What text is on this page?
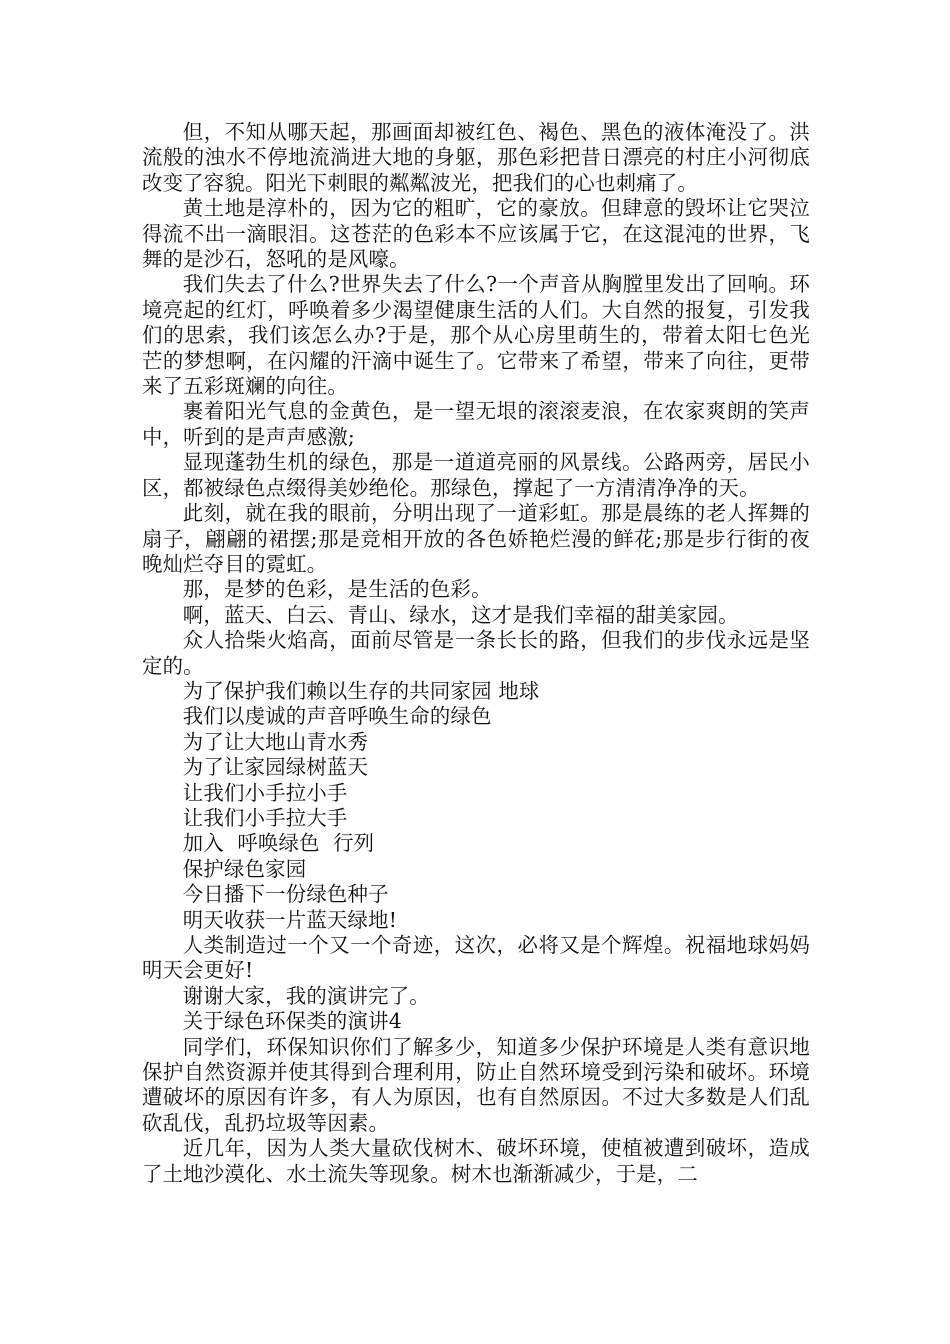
但，不知从哪天起，那画面却被红色、褐色、黑色的液体淹没了。洪流般的浊水不停地流淌进大地的身躯，那色彩把昔日漂亮的村庄小河彻底改变了容貌。阳光下刺眼的粼粼波光，把我们的心也刺痛了。

黄土地是淳朴的，因为它的粗旷，它的豪放。但肆意的毁坏让它哭泣得流不出一滴眼泪。这苍茫的色彩本不应该属于它，在这混沌的世界，飞舞的是沙石，怒吼的是风嚎。

我们失去了什么?世界失去了什么?一个声音从胸膛里发出了回响。环境亮起的红灯，呼唤着多少渴望健康生活的人们。大自然的报复，引发我们的思索，我们该怎么办?于是，那个从心房里萌生的，带着太阳七色光芒的梦想啊，在闪耀的汗滴中诞生了。它带来了希望，带来了向往，更带来了五彩斑斓的向往。

裹着阳光气息的金黄色，是一望无垠的滚滚麦浪，在农家爽朗的笑声中，听到的是声声感激;

显现蓬勃生机的绿色，那是一道道亮丽的风景线。公路两旁，居民小区，都被绿色点缀得美妙绝伦。那绿色，撑起了一方清清净净的天。

此刻，就在我的眼前，分明出现了一道彩虹。那是晨练的老人挥舞的扇子，翩翩的裙摆;那是竞相开放的各色娇艳烂漫的鲜花;那是步行街的夜晚灿烂夺目的霓虹。

那，是梦的色彩，是生活的色彩。

啊，蓝天、白云、青山、绿水，这才是我们幸福的甜美家园。

众人拾柴火焰高，面前尽管是一条长长的路，但我们的步伐永远是坚定的。

为了保护我们赖以生存的共同家园 地球

我们以虔诚的声音呼唤生命的绿色

为了让大地山青水秀

为了让家园绿树蓝天

让我们小手拉小手

让我们小手拉大手

加入  呼唤绿色  行列

保护绿色家园

今日播下一份绿色种子

明天收获一片蓝天绿地!

人类制造过一个又一个奇迹，这次，必将又是个辉煌。祝福地球妈妈明天会更好!

谢谢大家，我的演讲完了。

关于绿色环保类的演讲4

同学们，环保知识你们了解多少，知道多少保护环境是人类有意识地保护自然资源并使其得到合理利用，防止自然环境受到污染和破坏。环境遭破坏的原因有许多，有人为原因，也有自然原因。不过大多数是人们乱砍乱伐，乱扔垃圾等因素。

近几年，因为人类大量砍伐树木、破坏环境，使植被遭到破坏，造成了土地沙漠化、水土流失等现象。树木也渐渐减少，于是，二
